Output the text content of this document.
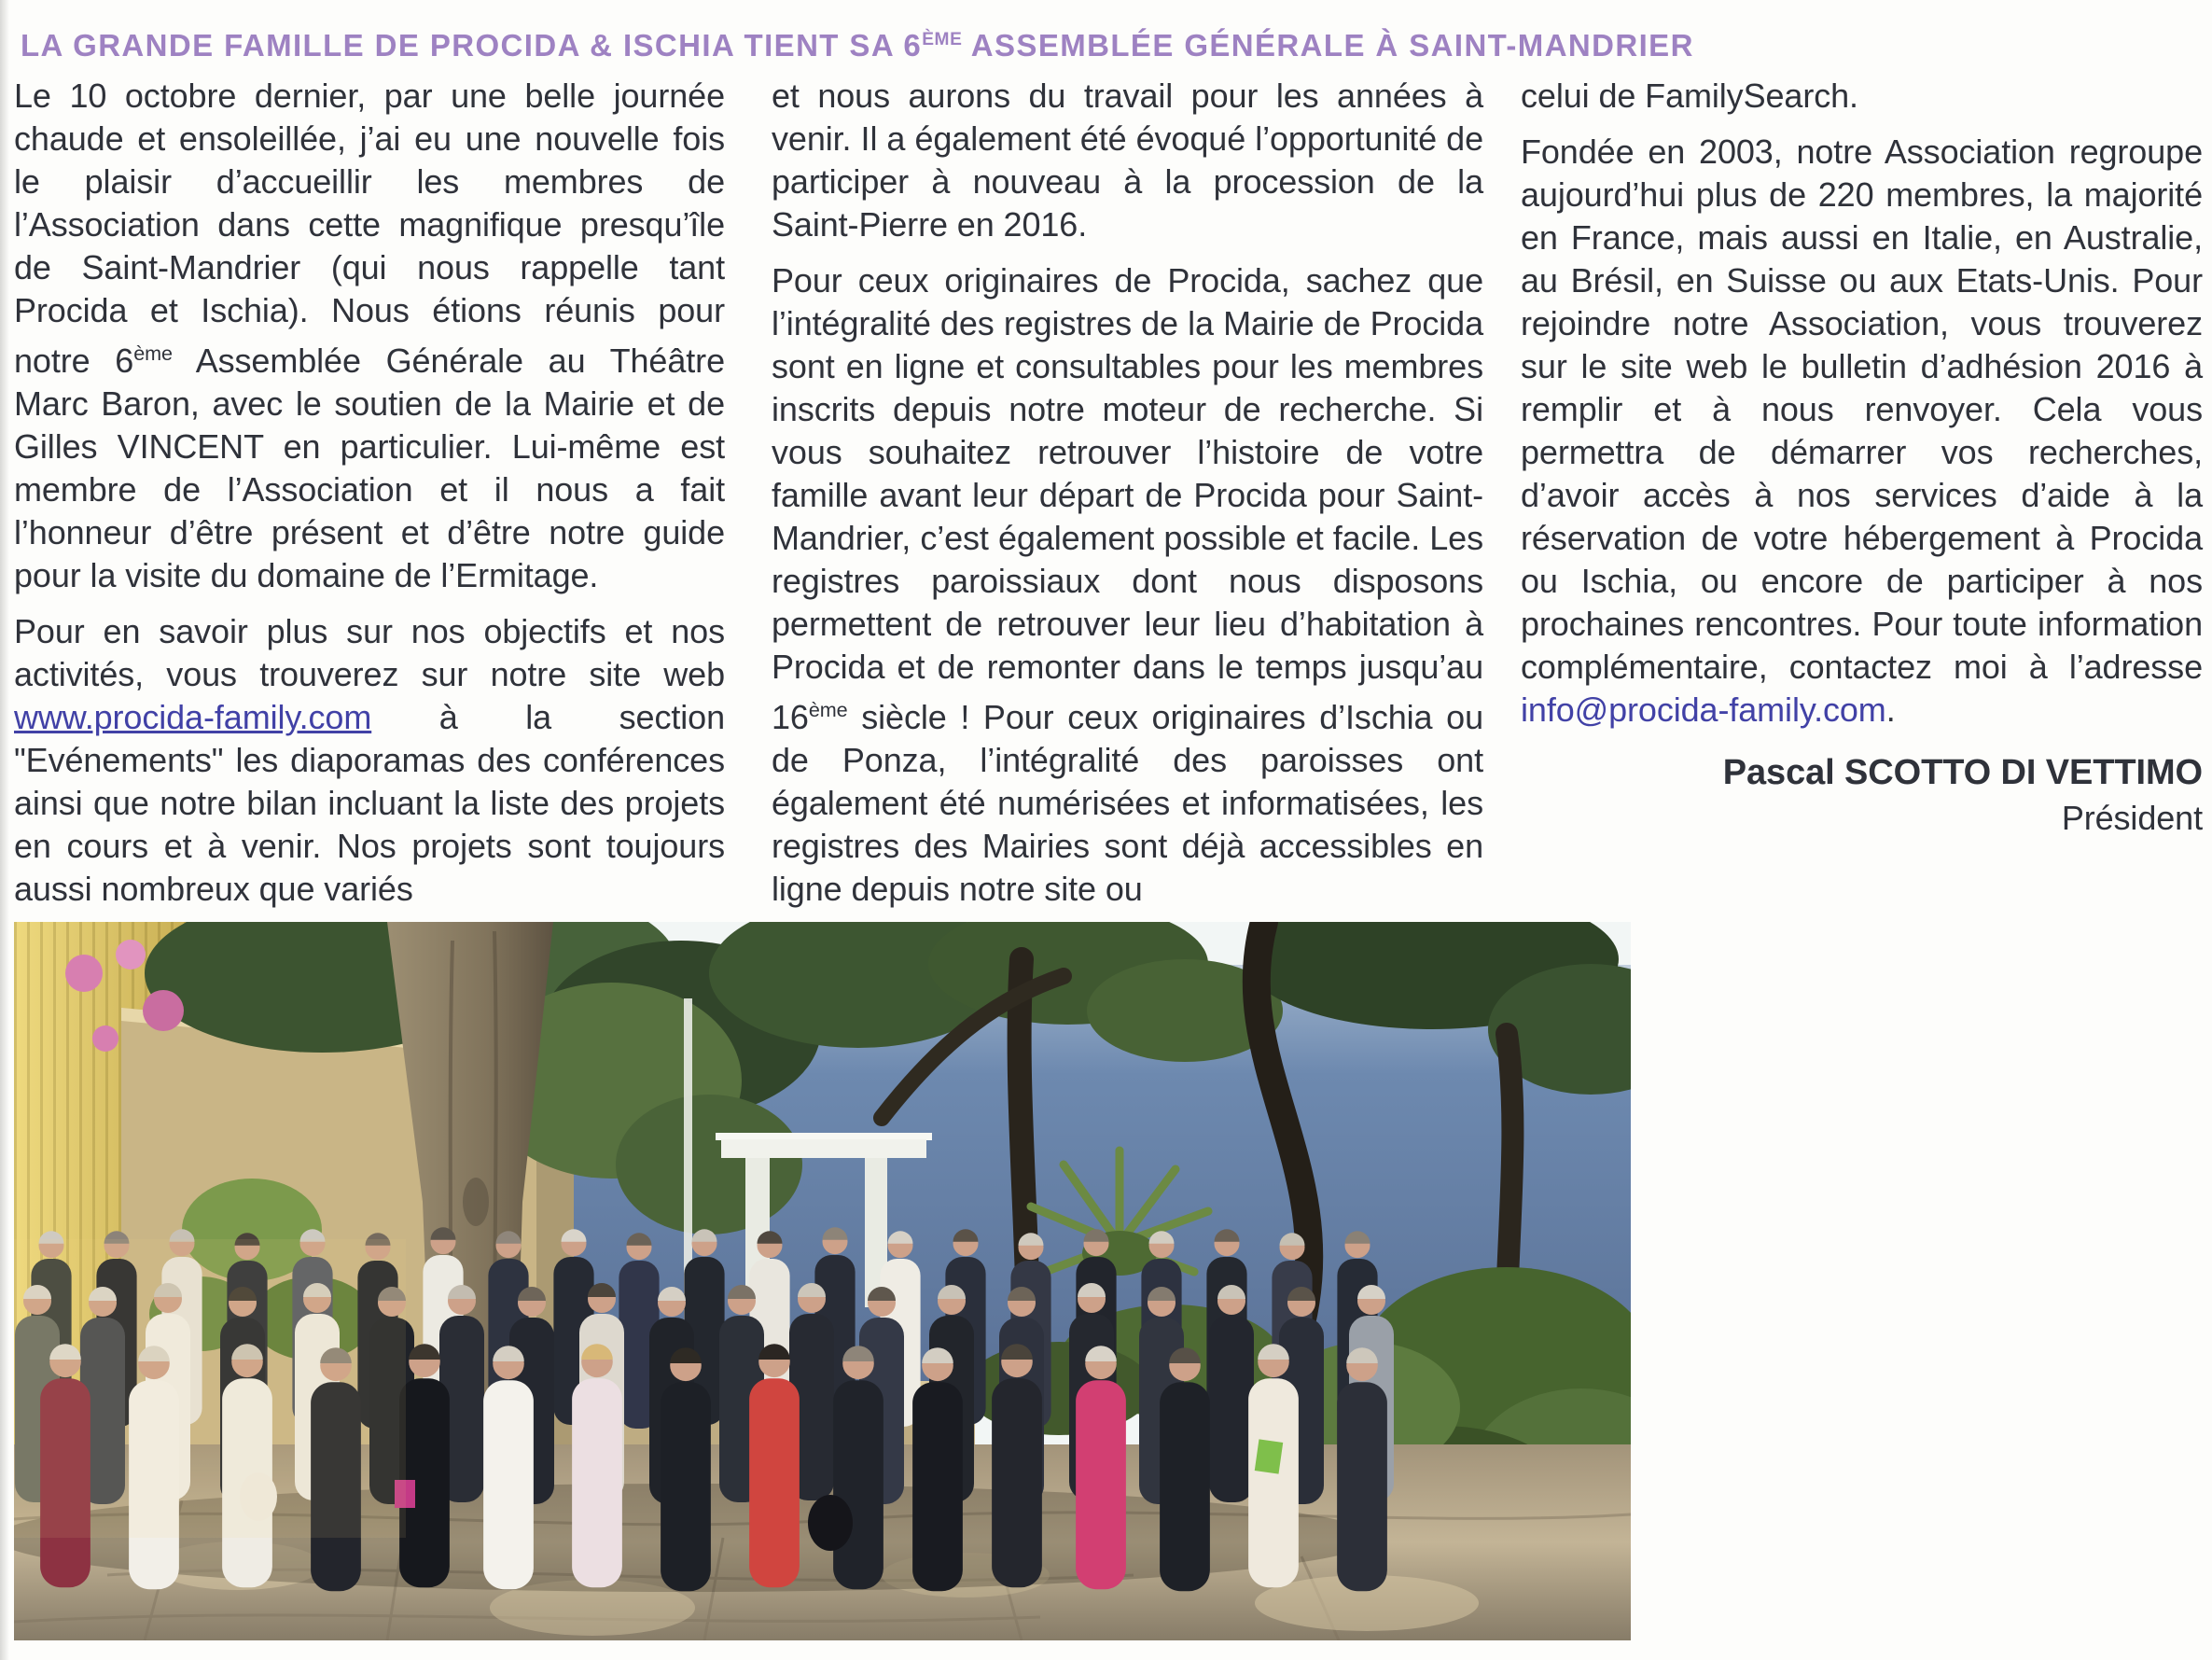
LA GRANDE FAMILLE DE PROCIDA & ISCHIA TIENT SA 6ÈME ASSEMBLÉE GÉNÉRALE À SAINT-MANDRIER

Le 10 octobre dernier, par une belle journée chaude et ensoleillée, j’ai eu une nouvelle fois le plaisir d’accueillir les membres de l’Association dans cette magnifique presqu’île de Saint-Mandrier (qui nous rappelle tant Procida et Ischia). Nous étions réunis pour notre 6ème Assemblée Générale au Théâtre Marc Baron, avec le soutien de la Mairie et de Gilles VINCENT en particulier. Lui-même est membre de l’Association et il nous a fait l’honneur d’être présent et d’être notre guide pour la visite du domaine de l’Ermitage.

Pour en savoir plus sur nos objectifs et nos activités, vous trouverez sur notre site web www.procida-family.com à la section "Evénements" les diaporamas des conférences ainsi que notre bilan incluant la liste des projets en cours et à venir. Nos projets sont toujours aussi nombreux que variés

et nous aurons du travail pour les années à venir. Il a également été évoqué l’opportunité de participer à nouveau à la procession de la Saint-Pierre en 2016.

Pour ceux originaires de Procida, sachez que l’intégralité des registres de la Mairie de Procida sont en ligne et consultables pour les membres inscrits depuis notre moteur de recherche. Si vous souhaitez retrouver l’histoire de votre famille avant leur départ de Procida pour Saint-Mandrier, c’est également possible et facile. Les registres paroissiaux dont nous disposons permettent de retrouver leur lieu d’habitation à Procida et de remonter dans le temps jusqu’au 16ème siècle ! Pour ceux originaires d’Ischia ou de Ponza, l’intégralité des paroisses ont également été numérisées et informatisées, les registres des Mairies sont déjà accessibles en ligne depuis notre site ou

celui de FamilySearch.

Fondée en 2003, notre Association regroupe aujourd’hui plus de 220 membres, la majorité en France, mais aussi en Italie, en Australie, au Brésil, en Suisse ou aux Etats-Unis. Pour rejoindre notre Association, vous trouverez sur le site web le bulletin d’adhésion 2016 à remplir et à nous renvoyer. Cela vous permettra de démarrer vos recherches, d’avoir accès à nos services d’aide à la réservation de votre hébergement à Procida ou Ischia, ou encore de participer à nos prochaines rencontres. Pour toute information complémentaire, contactez moi à l’adresse info@procida-family.com.

Pascal SCOTTO DI VETTIMO
Président
